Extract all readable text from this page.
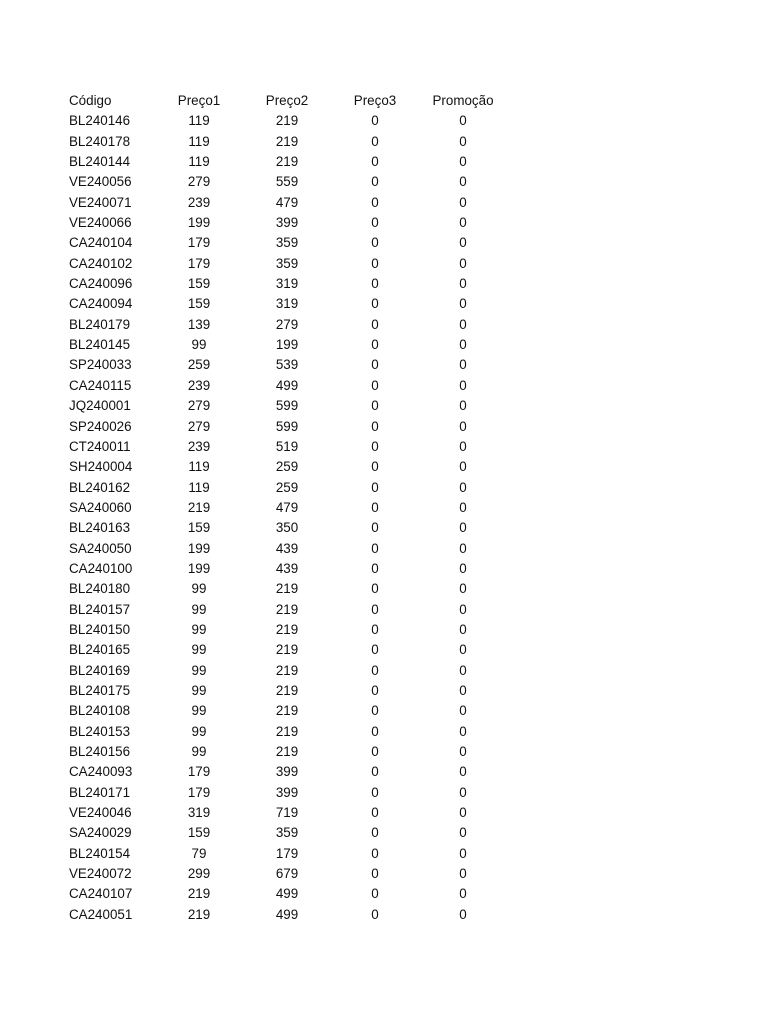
Código	Preço1	Preço2	Preço3	Promoção
BL240146	119	219	0	0
BL240178	119	219	0	0
BL240144	119	219	0	0
VE240056	279	559	0	0
VE240071	239	479	0	0
VE240066	199	399	0	0
CA240104	179	359	0	0
CA240102	179	359	0	0
CA240096	159	319	0	0
CA240094	159	319	0	0
BL240179	139	279	0	0
BL240145	99	199	0	0
SP240033	259	539	0	0
CA240115	239	499	0	0
JQ240001	279	599	0	0
SP240026	279	599	0	0
CT240011	239	519	0	0
SH240004	119	259	0	0
BL240162	119	259	0	0
SA240060	219	479	0	0
BL240163	159	350	0	0
SA240050	199	439	0	0
CA240100	199	439	0	0
BL240180	99	219	0	0
BL240157	99	219	0	0
BL240150	99	219	0	0
BL240165	99	219	0	0
BL240169	99	219	0	0
BL240175	99	219	0	0
BL240108	99	219	0	0
BL240153	99	219	0	0
BL240156	99	219	0	0
CA240093	179	399	0	0
BL240171	179	399	0	0
VE240046	319	719	0	0
SA240029	159	359	0	0
BL240154	79	179	0	0
VE240072	299	679	0	0
CA240107	219	499	0	0
CA240051	219	499	0	0
